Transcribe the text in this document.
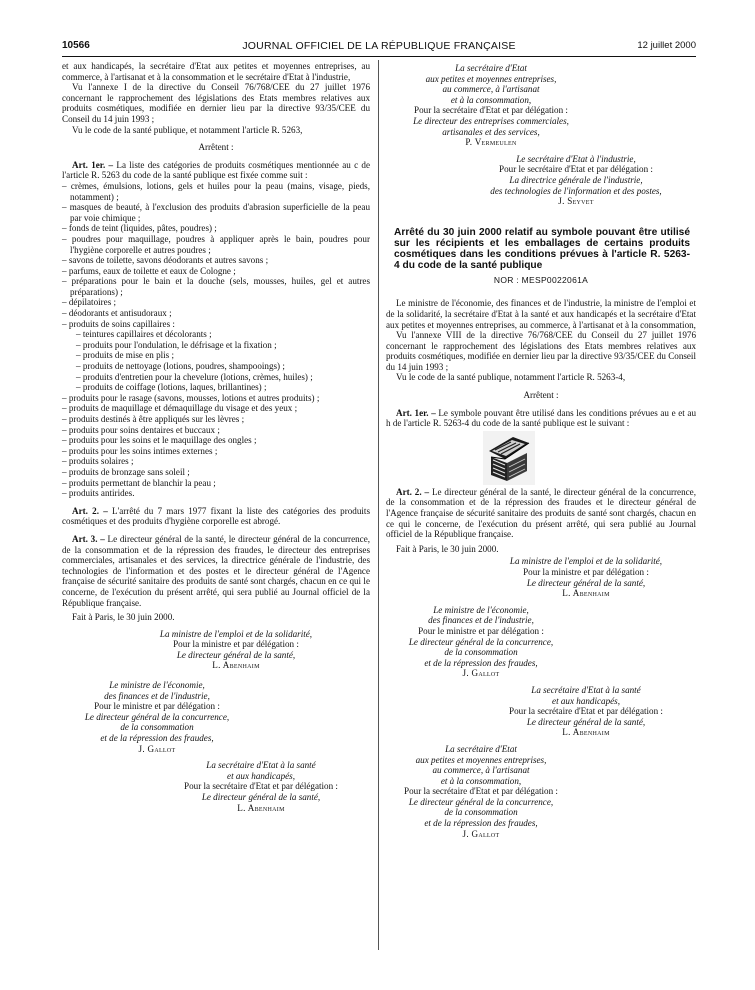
10566	JOURNAL OFFICIEL DE LA RÉPUBLIQUE FRANÇAISE	12 juillet 2000

et aux handicapés, la secrétaire d'Etat aux petites et moyennes entreprises, au commerce, à l'artisanat et à la consommation et le secrétaire d'Etat à l'industrie,

Vu l'annexe I de la directive du Conseil 76/768/CEE du 27 juillet 1976 concernant le rapprochement des législations des Etats membres relatives aux produits cosmétiques, modifiée en dernier lieu par la directive 93/35/CEE du Conseil du 14 juin 1993 ;

Vu le code de la santé publique, et notamment l'article R. 5263,

Arrêtent :

Art. 1er. – La liste des catégories de produits cosmétiques mentionnée au c de l'article R. 5263 du code de la santé publique est fixée comme suit :

– crèmes, émulsions, lotions, gels et huiles pour la peau (mains, visage, pieds, notamment) ;
– masques de beauté, à l'exclusion des produits d'abrasion superficielle de la peau par voie chimique ;
– fonds de teint (liquides, pâtes, poudres) ;
– poudres pour maquillage, poudres à appliquer après le bain, poudres pour l'hygiène corporelle et autres poudres ;
– savons de toilette, savons déodorants et autres savons ;
– parfums, eaux de toilette et eaux de Cologne ;
– préparations pour le bain et la douche (sels, mousses, huiles, gel et autres préparations) ;
– dépilatoires ;
– déodorants et antisudoraux ;
– produits de soins capillaires :
– teintures capillaires et décolorants ;
– produits pour l'ondulation, le défrisage et la fixation ;
– produits de mise en plis ;
– produits de nettoyage (lotions, poudres, shampooings) ;
– produits d'entretien pour la chevelure (lotions, crèmes, huiles) ;
– produits de coiffage (lotions, laques, brillantines) ;
– produits pour le rasage (savons, mousses, lotions et autres produits) ;
– produits de maquillage et démaquillage du visage et des yeux ;
– produits destinés à être appliqués sur les lèvres ;
– produits pour soins dentaires et buccaux ;
– produits pour les soins et le maquillage des ongles ;
– produits pour les soins intimes externes ;
– produits solaires ;
– produits de bronzage sans soleil ;
– produits permettant de blanchir la peau ;
– produits antirides.

Art. 2. – L'arrêté du 7 mars 1977 fixant la liste des catégories des produits cosmétiques et des produits d'hygiène corporelle est abrogé.

Art. 3. – Le directeur général de la santé, le directeur général de la concurrence, de la consommation et de la répression des fraudes, le directeur des entreprises commerciales, artisanales et des services, la directrice générale de l'industrie, des technologies de l'information et des postes et le directeur général de l'Agence française de sécurité sanitaire des produits de santé sont chargés, chacun en ce qui le concerne, de l'exécution du présent arrêté, qui sera publié au Journal officiel de la République française.

Fait à Paris, le 30 juin 2000.

La ministre de l'emploi et de la solidarité,
Pour la ministre et par délégation :
Le directeur général de la santé,
L. Abenhaim
Le ministre de l'économie,
des finances et de l'industrie,
Pour le ministre et par délégation :
Le directeur général de la concurrence,
de la consommation
et de la répression des fraudes,
J. Gallot
La secrétaire d'Etat à la santé
et aux handicapés,
Pour la secrétaire d'Etat et par délégation :
Le directeur général de la santé,
L. Abenhaim
La secrétaire d'Etat
aux petites et moyennes entreprises,
au commerce, à l'artisanat
et à la consommation,
Pour la secrétaire d'Etat et par délégation :
Le directeur des entreprises commerciales,
artisanales et des services,
P. Vermeulen
Le secrétaire d'Etat à l'industrie,
Pour le secrétaire d'Etat et par délégation :
La directrice générale de l'industrie,
des technologies de l'information et des postes,
J. Seyvet

Arrêté du 30 juin 2000 relatif au symbole pouvant être utilisé sur les récipients et les emballages de certains produits cosmétiques dans les conditions prévues à l'article R. 5263-4 du code de la santé publique

NOR : MESP0022061A

Le ministre de l'économie, des finances et de l'industrie, la ministre de l'emploi et de la solidarité, la secrétaire d'Etat à la santé et aux handicapés et la secrétaire d'Etat aux petites et moyennes entreprises, au commerce, à l'artisanat et à la consommation,

Vu l'annexe VIII de la directive 76/768/CEE du Conseil du 27 juillet 1976 concernant le rapprochement des législations des Etats membres relatives aux produits cosmétiques, modifiée en dernier lieu par la directive 93/35/CEE du Conseil du 14 juin 1993 ;

Vu le code de la santé publique, notamment l'article R. 5263-4,

Arrêtent :

Art. 1er. – Le symbole pouvant être utilisé dans les conditions prévues au e et au h de l'article R. 5263-4 du code de la santé publique est le suivant :

Art. 2. – Le directeur général de la santé, le directeur général de la concurrence, de la consommation et de la répression des fraudes et le directeur général de l'Agence française de sécurité sanitaire des produits de santé sont chargés, chacun en ce qui le concerne, de l'exécution du présent arrêté, qui sera publié au Journal officiel de la République française.

Fait à Paris, le 30 juin 2000.

La ministre de l'emploi et de la solidarité,
Pour la ministre et par délégation :
Le directeur général de la santé,
L. Abenhaim
Le ministre de l'économie,
des finances et de l'industrie,
Pour le ministre et par délégation :
Le directeur général de la concurrence,
de la consommation
et de la répression des fraudes,
J. Gallot
La secrétaire d'Etat à la santé
et aux handicapés,
Pour la secrétaire d'Etat et par délégation :
Le directeur général de la santé,
L. Abenhaim
La secrétaire d'Etat
aux petites et moyennes entreprises,
au commerce, à l'artisanat
et à la consommation,
Pour la secrétaire d'Etat et par délégation :
Le directeur général de la concurrence,
de la consommation
et de la répression des fraudes,
J. Gallot
